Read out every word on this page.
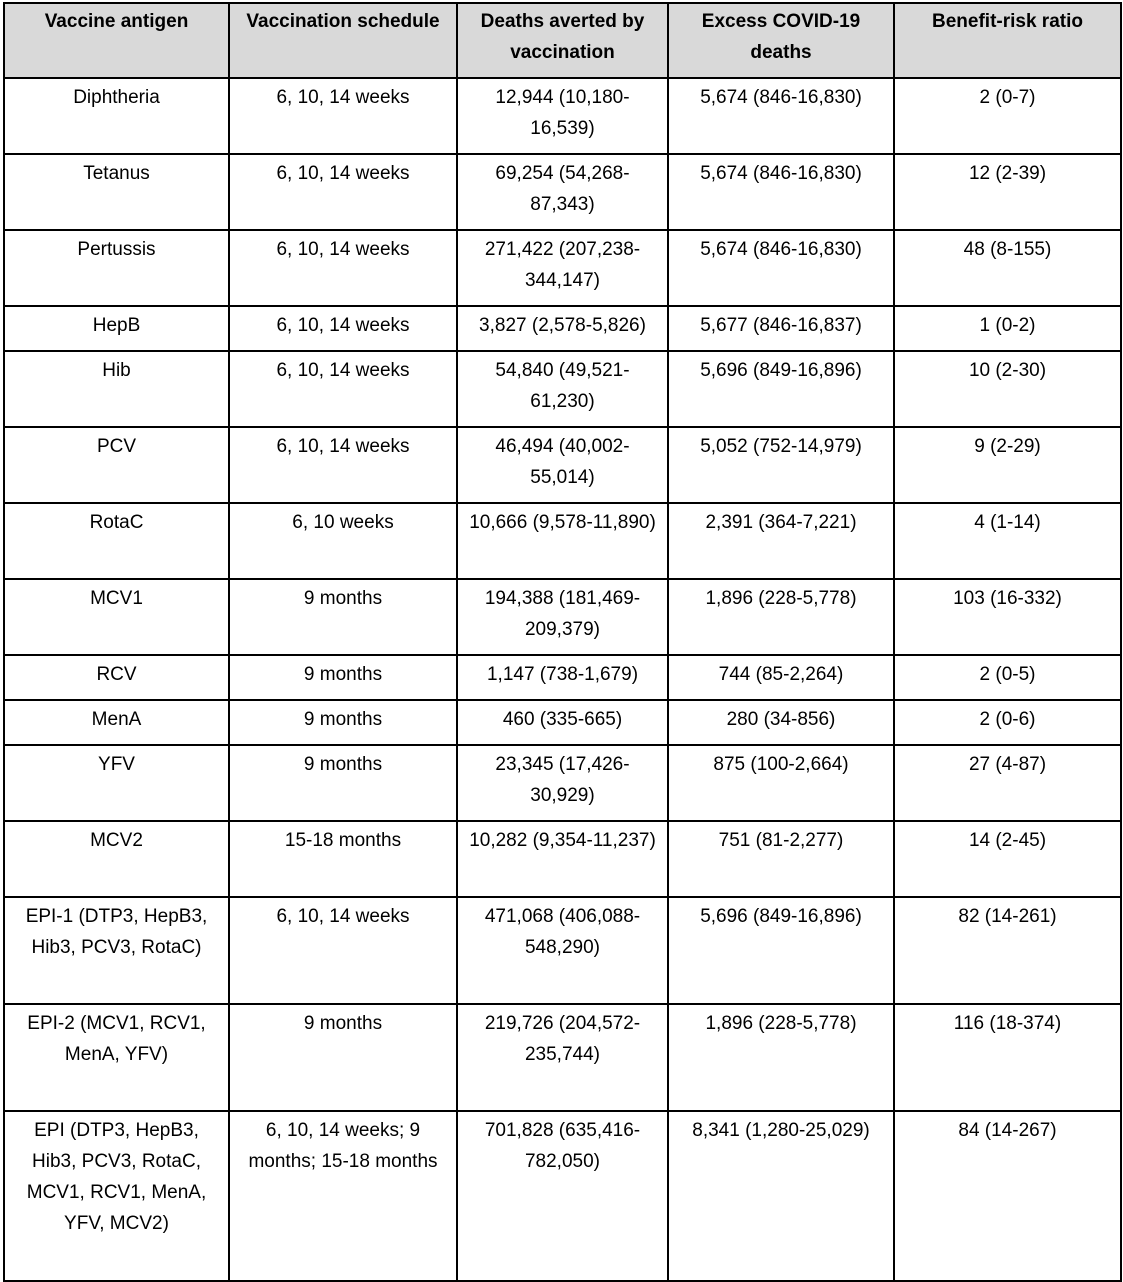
Vaccine antigen	Vaccination schedule	Deaths averted by vaccination	Excess COVID-19 deaths	Benefit-risk ratio
Diphtheria	6, 10, 14 weeks	12,944 (10,180-16,539)	5,674 (846-16,830)	2 (0-7)
Tetanus	6, 10, 14 weeks	69,254 (54,268-87,343)	5,674 (846-16,830)	12 (2-39)
Pertussis	6, 10, 14 weeks	271,422 (207,238-344,147)	5,674 (846-16,830)	48 (8-155)
HepB	6, 10, 14 weeks	3,827 (2,578-5,826)	5,677 (846-16,837)	1 (0-2)
Hib	6, 10, 14 weeks	54,840 (49,521-61,230)	5,696 (849-16,896)	10 (2-30)
PCV	6, 10, 14 weeks	46,494 (40,002-55,014)	5,052 (752-14,979)	9 (2-29)
RotaC	6, 10 weeks	10,666 (9,578-11,890)	2,391 (364-7,221)	4 (1-14)
MCV1	9 months	194,388 (181,469-209,379)	1,896 (228-5,778)	103 (16-332)
RCV	9 months	1,147 (738-1,679)	744 (85-2,264)	2 (0-5)
MenA	9 months	460 (335-665)	280 (34-856)	2 (0-6)
YFV	9 months	23,345 (17,426-30,929)	875 (100-2,664)	27 (4-87)
MCV2	15-18 months	10,282 (9,354-11,237)	751 (81-2,277)	14 (2-45)
EPI-1 (DTP3, HepB3, Hib3, PCV3, RotaC)	6, 10, 14 weeks	471,068 (406,088-548,290)	5,696 (849-16,896)	82 (14-261)
EPI-2 (MCV1, RCV1, MenA, YFV)	9 months	219,726 (204,572-235,744)	1,896 (228-5,778)	116 (18-374)
EPI (DTP3, HepB3, Hib3, PCV3, RotaC, MCV1, RCV1, MenA, YFV, MCV2)	6, 10, 14 weeks; 9 months; 15-18 months	701,828 (635,416-782,050)	8,341 (1,280-25,029)	84 (14-267)
